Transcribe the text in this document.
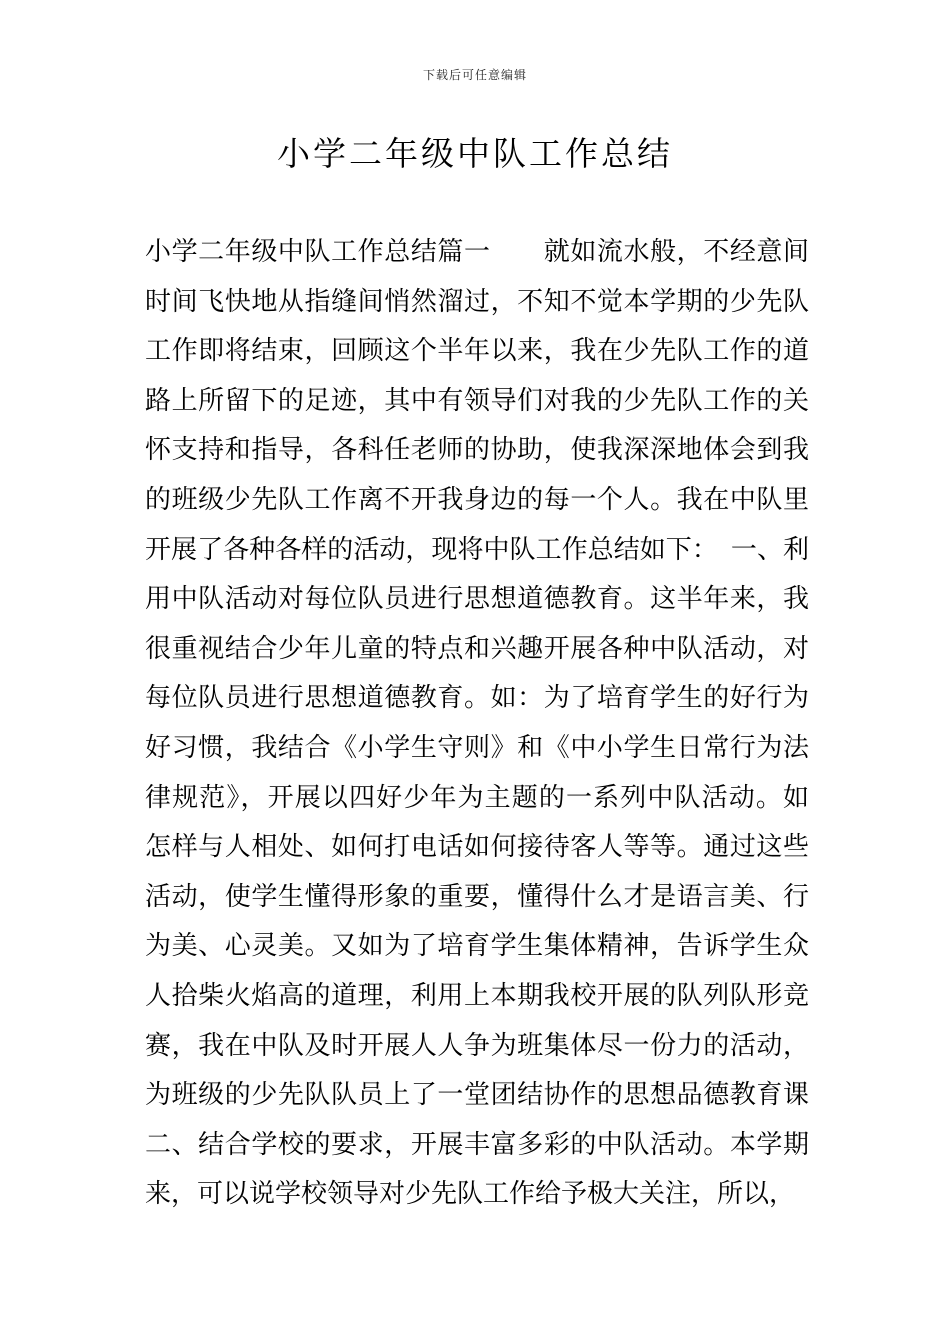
下载后可任意编辑
小学二年级中队工作总结
小学二年级中队工作总结篇一　　就如流水般，不经意间
时间飞快地从指缝间悄然溜过，不知不觉本学期的少先队
工作即将结束，回顾这个半年以来，我在少先队工作的道
路上所留下的足迹，其中有领导们对我的少先队工作的关
怀支持和指导，各科任老师的协助，使我深深地体会到我
的班级少先队工作离不开我身边的每一个人。我在中队里
开展了各种各样的活动，现将中队工作总结如下：　一、利
用中队活动对每位队员进行思想道德教育。这半年来，我
很重视结合少年儿童的特点和兴趣开展各种中队活动，对
每位队员进行思想道德教育。如：为了培育学生的好行为
好习惯，我结合《小学生守则》和《中小学生日常行为法
律规范》，开展以四好少年为主题的一系列中队活动。如
怎样与人相处、如何打电话如何接待客人等等。通过这些
活动，使学生懂得形象的重要，懂得什么才是语言美、行
为美、心灵美。又如为了培育学生集体精神，告诉学生众
人拾柴火焰高的道理，利用上本期我校开展的队列队形竞
赛，我在中队及时开展人人争为班集体尽一份力的活动，
为班级的少先队队员上了一堂团结协作的思想品德教育课
二、结合学校的要求，开展丰富多彩的中队活动。本学期
来，可以说学校领导对少先队工作给予极大关注，所以，
